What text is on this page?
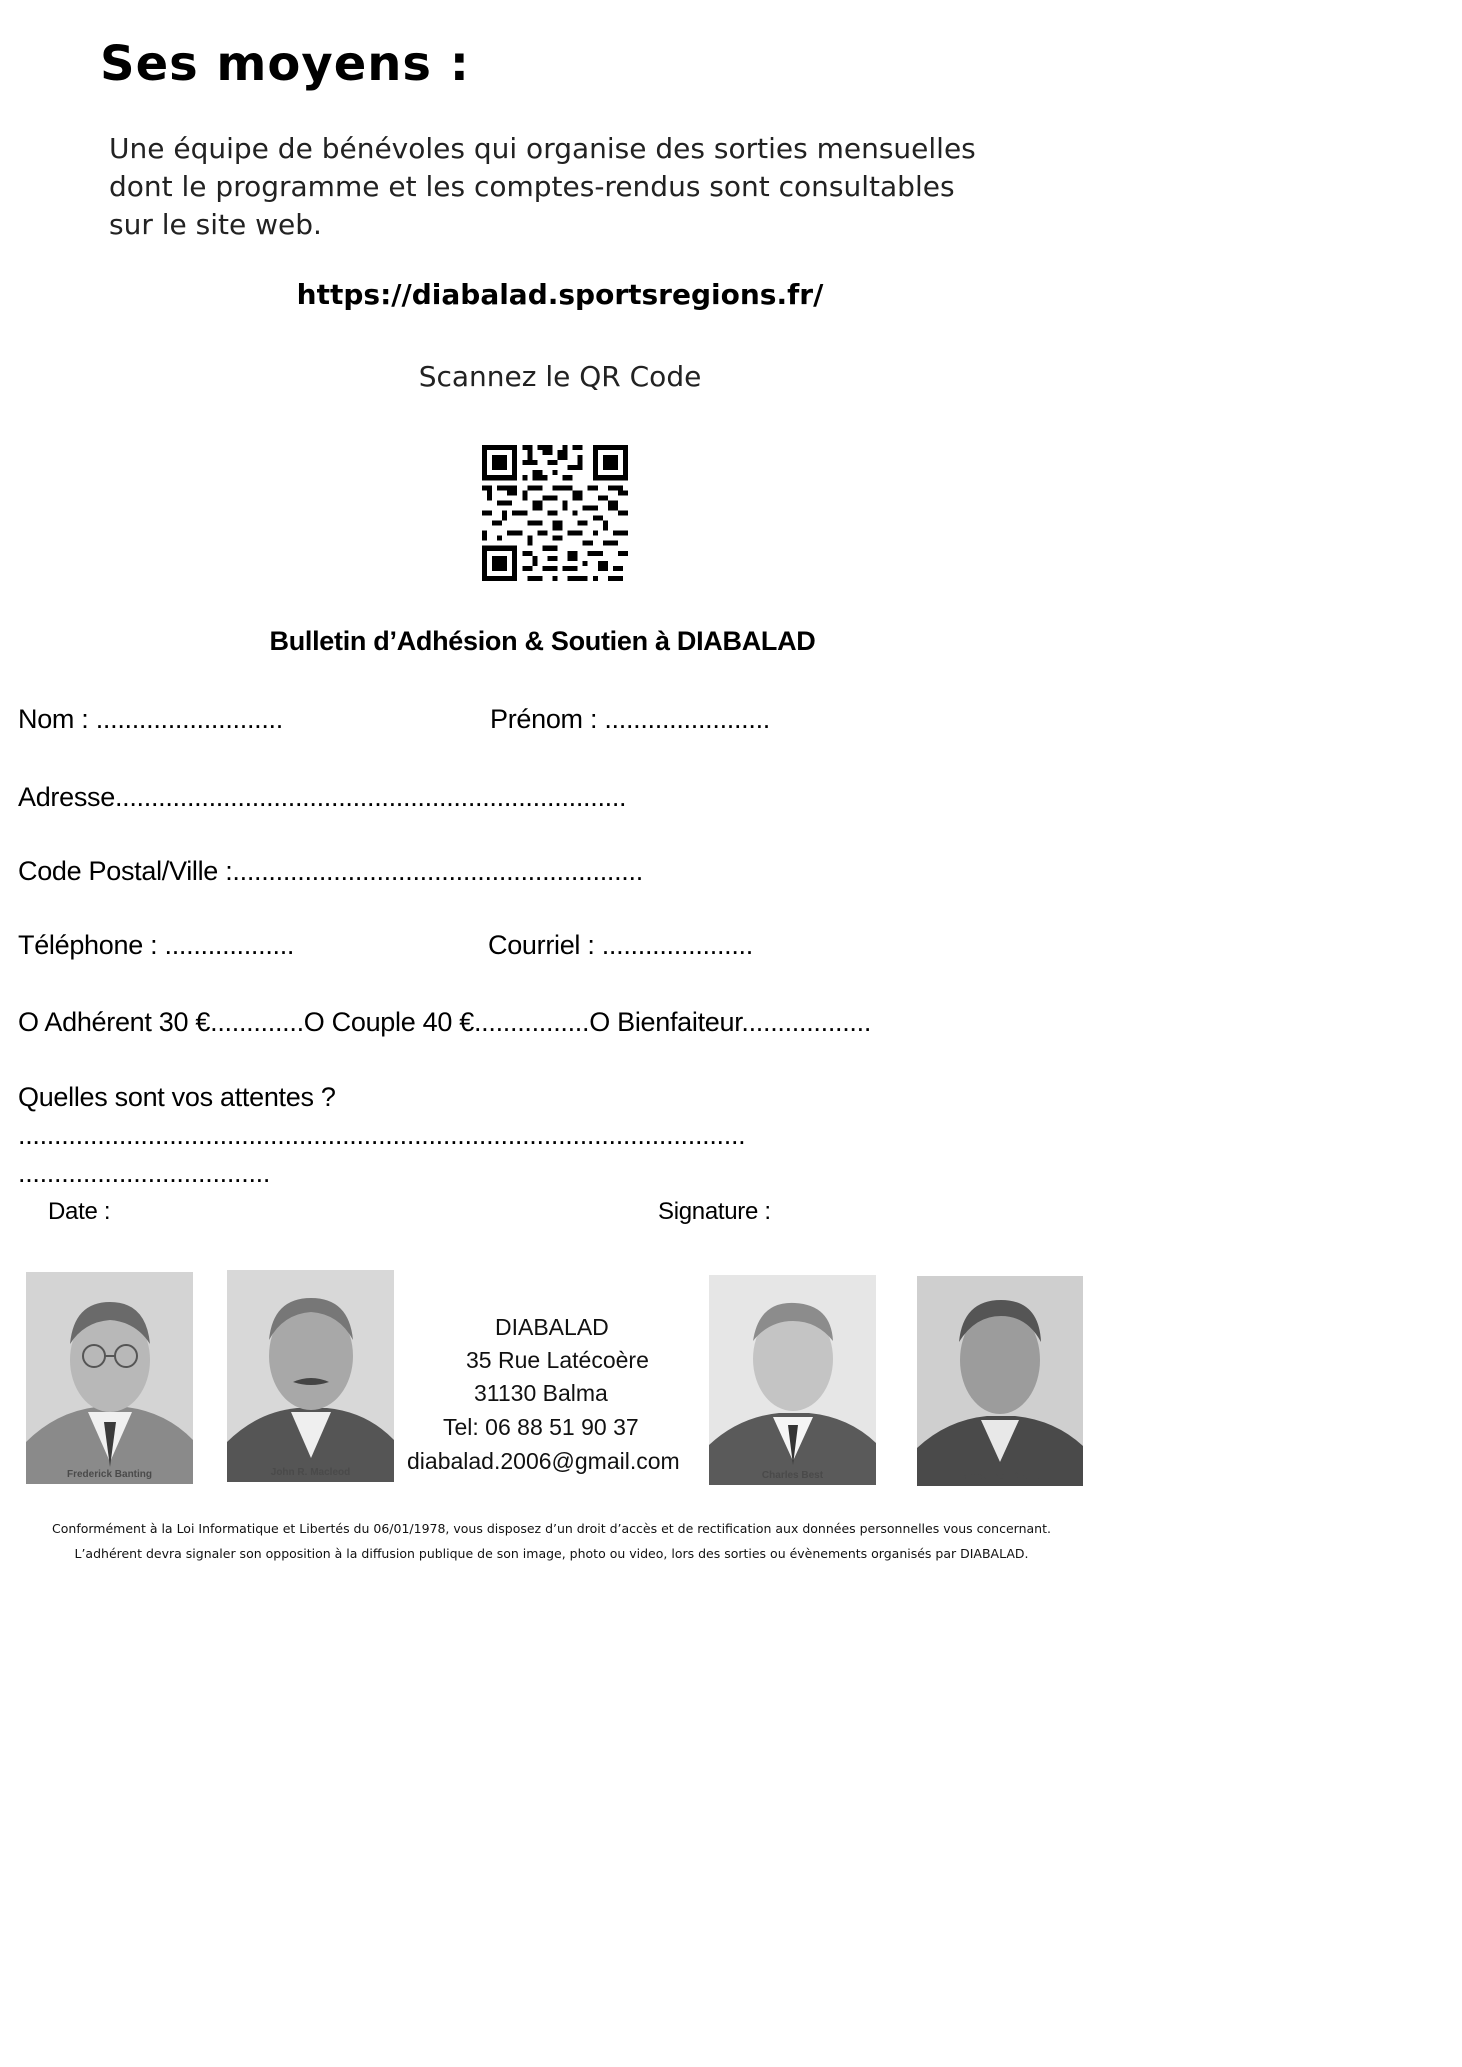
Ses moyens :
Une équipe de bénévoles qui organise des sorties mensuelles
dont le programme et les comptes-rendus sont consultables
sur le site web.
https://diabalad.sportsregions.fr/
Scannez le QR Code
Bulletin d’Adhésion & Soutien à DIABALAD
Nom : ..........................	Prénom : .......................
Adresse.......................................................................
Code Postal/Ville :.........................................................
Téléphone : ..................	Courriel : .....................
O Adhérent 30 €.............O Couple 40 €................O Bienfaiteur..................
Quelles sont vos attentes ?
.....................................................................................................
...................................
Date :	Signature :
Frederick Banting	John R. Macleod	Charles Best	James Bert Collip
DIABALAD
35 Rue Latécoère
31130 Balma
Tel: 06 88 51 90 37
diabalad.2006@gmail.com
Conformément à la Loi Informatique et Libertés du 06/01/1978, vous disposez d’un droit d’accès et de rectification aux données personnelles vous concernant.
L’adhérent devra signaler son opposition à la diffusion publique de son image, photo ou video, lors des sorties ou évènements organisés par DIABALAD.
